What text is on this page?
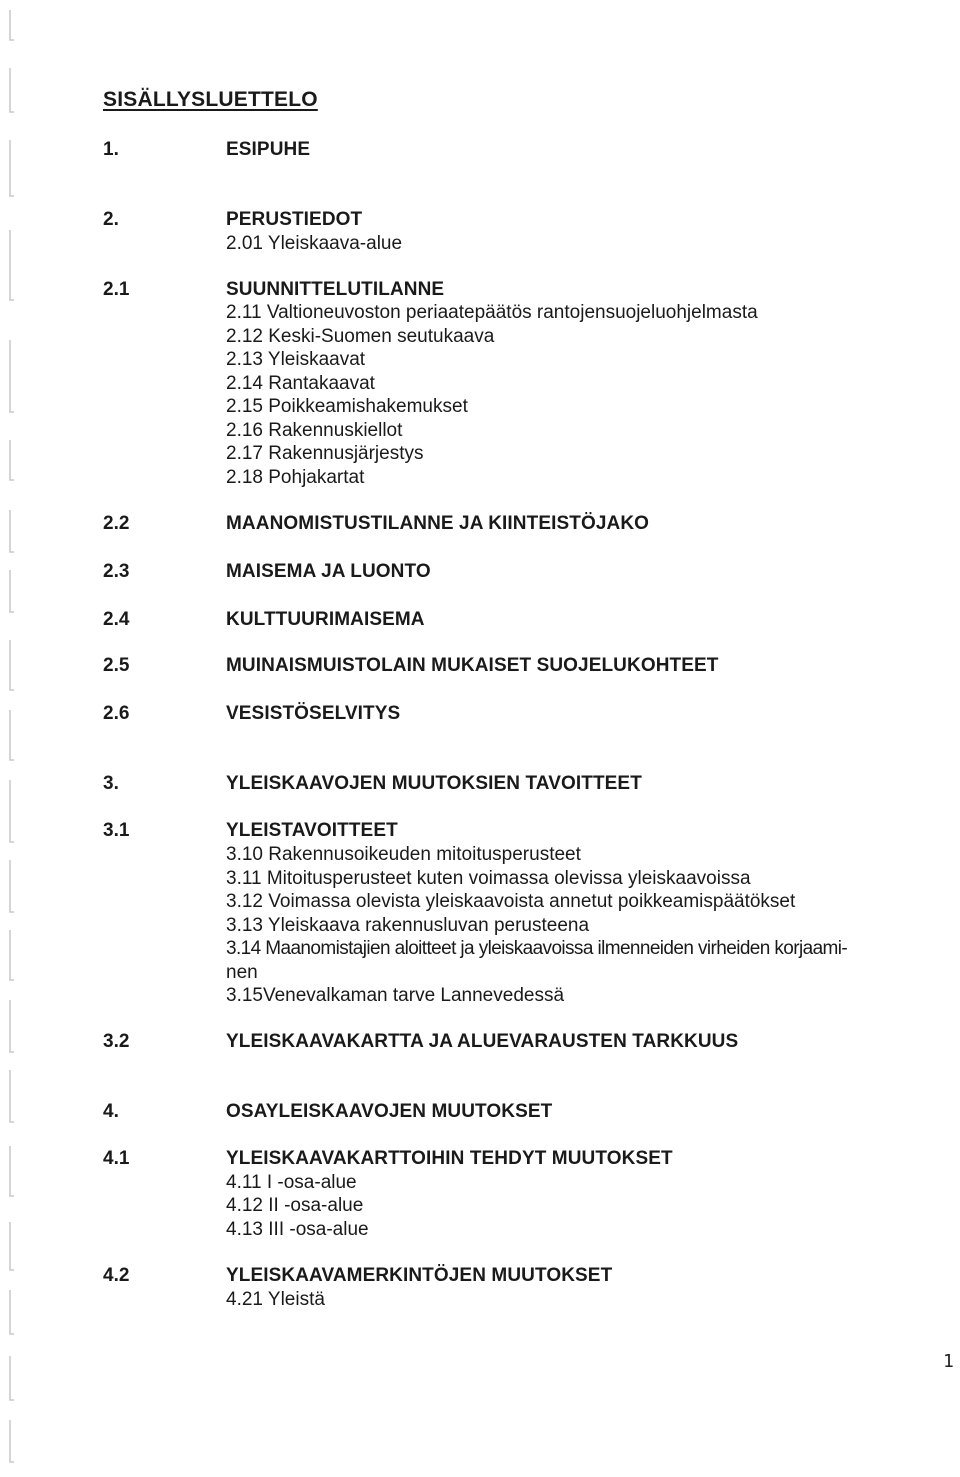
SISÄLLYSLUETTELO
1.	ESIPUHE
2.	PERUSTIEDOT
2.01 Yleiskaava-alue
2.1	SUUNNITTELUTILANNE
2.11 Valtioneuvoston periaatepäätös rantojensuojeluohjelmasta
2.12 Keski-Suomen seutukaava
2.13 Yleiskaavat
2.14 Rantakaavat
2.15 Poikkeamishakemukset
2.16 Rakennuskiellot
2.17 Rakennusjärjestys
2.18 Pohjakartat
2.2	MAANOMISTUSTILANNE JA KIINTEISTÖJAKO
2.3	MAISEMA JA LUONTO
2.4	KULTTUURIMAISEMA
2.5	MUINAISMUISTOLAIN MUKAISET SUOJELUKOHTEET
2.6	VESISTÖSELVITYS
3.	YLEISKAAVOJEN MUUTOKSIEN TAVOITTEET
3.1	YLEISTAVOITTEET
3.10 Rakennusoikeuden mitoitusperusteet
3.11 Mitoitusperusteet kuten voimassa olevissa yleiskaavoissa
3.12 Voimassa olevista yleiskaavoista annetut poikkeamispäätökset
3.13 Yleiskaava rakennusluvan perusteena
3.14 Maanomistajien aloitteet ja yleiskaavoissa ilmenneiden virheiden korjaami-
nen
3.15Venevalkaman tarve Lannevedessä
3.2	YLEISKAAVAKARTTA JA ALUEVARAUSTEN TARKKUUS
4.	OSAYLEISKAAVOJEN MUUTOKSET
4.1	YLEISKAAVAKARTTOIHIN TEHDYT MUUTOKSET
4.11 I -osa-alue
4.12 II -osa-alue
4.13 III -osa-alue
4.2	YLEISKAAVAMERKINTÖJEN MUUTOKSET
4.21 Yleistä
1
